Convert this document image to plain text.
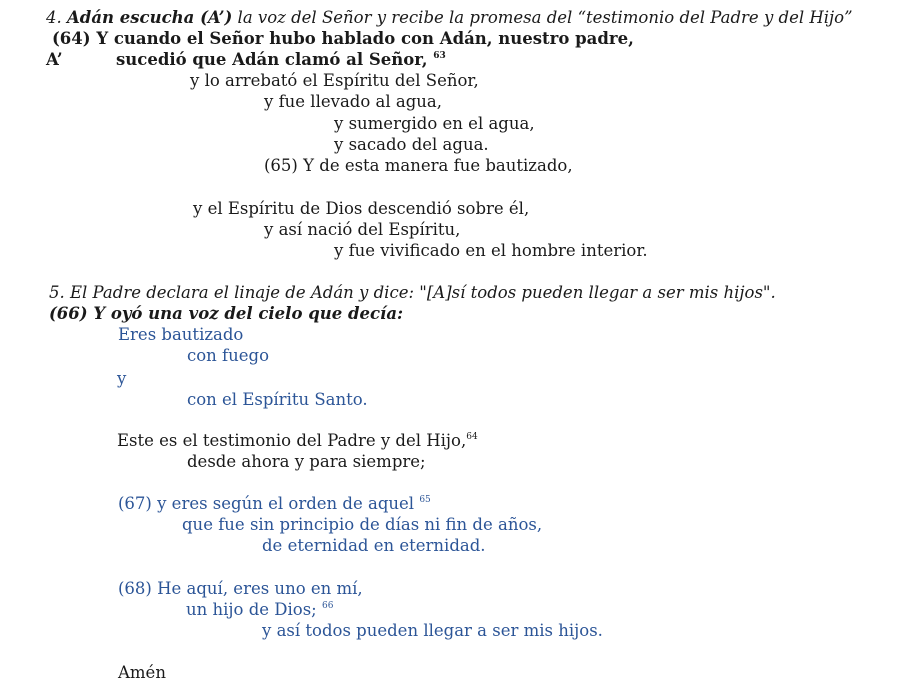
4. Adán escucha (A’) la voz del Señor y recibe la promesa del “testimonio del Padre y del Hijo”
(64) Y cuando el Señor hubo hablado con Adán, nuestro padre,
A’	sucedió que Adán clamó al Señor, $^{63}$
y lo arrebató el Espíritu del Señor,
y fue llevado al agua,
y sumergido en el agua,
y sacado del agua.
(65) Y de esta manera fue bautizado,
y el Espíritu de Dios descendió sobre él,
y así nació del Espíritu,
y fue vivificado en el hombre interior.
5. El Padre declara el linaje de Adán y dice: "[A]sí todos pueden llegar a ser mis hijos".
(66) Y oyó una voz del cielo que decía:
Eres bautizado
con fuego
y
con el Espíritu Santo.
Este es el testimonio del Padre y del Hijo,$^{64}$
desde ahora y para siempre;
(67) y eres según el orden de aquel $^{65}$
que fue sin principio de días ni fin de años,
de eternidad en eternidad.
(68) He aquí, eres uno en mí,
un hijo de Dios; $^{66}$
y así todos pueden llegar a ser mis hijos.
Amén
